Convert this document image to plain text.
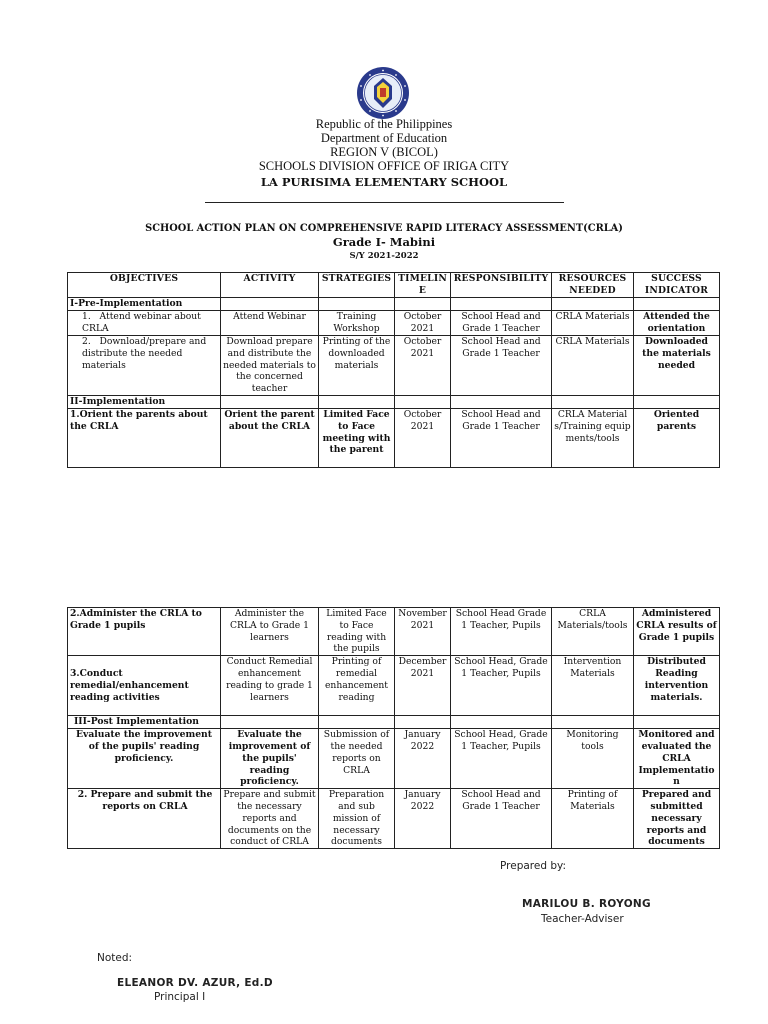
Republic of the Philippines
Department of Education
REGION V (BICOL)
SCHOOLS DIVISION OFFICE OF IRIGA CITY
LA PURISIMA ELEMENTARY SCHOOL
SCHOOL ACTION PLAN ON COMPREHENSIVE RAPID LITERACY ASSESSMENT(CRLA)
Grade I- Mabini
S/Y 2021-2022
OBJECTIVES	ACTIVITY	STRATEGIES	TIMELINE	RESPONSIBILITY	RESOURCES NEEDED	SUCCESS INDICATOR
I-Pre-Implementation						
1.   Attend webinar about CRLA	Attend Webinar	Training Workshop	October 2021	School Head and Grade 1 Teacher	CRLA Materials	Attended the orientation
2.   Download/prepare and distribute the needed materials	Download prepare and distribute the needed materials to the concerned teacher	Printing of the downloaded materials	October 2021	School Head and Grade 1 Teacher	CRLA Materials	Downloaded the materials needed
II-Implementation						
1.Orient the parents about the CRLA	Orient the parent about the CRLA	Limited Face to Face meeting with the parent	October 2021	School Head and Grade 1 Teacher	CRLA Materials/Training equipments/tools	Oriented parents
2.Administer the CRLA to Grade 1 pupils	Administer the CRLA to Grade 1 learners	Limited Face to Face reading with the pupils	November 2021	School Head Grade 1 Teacher, Pupils	CRLA Materials/tools	Administered CRLA results of Grade 1 pupils
3.Conduct remedial/enhancement reading activities	Conduct Remedial enhancement reading to grade 1 learners	Printing of remedial enhancement reading	December 2021	School Head, Grade 1 Teacher, Pupils	Intervention Materials	Distributed Reading intervention materials.
III-Post Implementation						
Evaluate the improvement of the pupils' reading proficiency.	Evaluate the improvement of the pupils' reading proficiency.	Submission of the needed reports on CRLA	January 2022	School Head, Grade 1 Teacher, Pupils	Monitoring tools	Monitored and evaluated the CRLA Implementation
2. Prepare and submit the reports on CRLA	Prepare and submit the necessary reports and documents on the conduct of CRLA	Preparation and sub mission of necessary documents	January 2022	School Head and Grade 1 Teacher	Printing of Materials	Prepared and submitted necessary reports and documents
Prepared by:
MARILOU B. ROYONG
Teacher-Adviser
Noted:
ELEANOR DV. AZUR, Ed.D
Principal I
